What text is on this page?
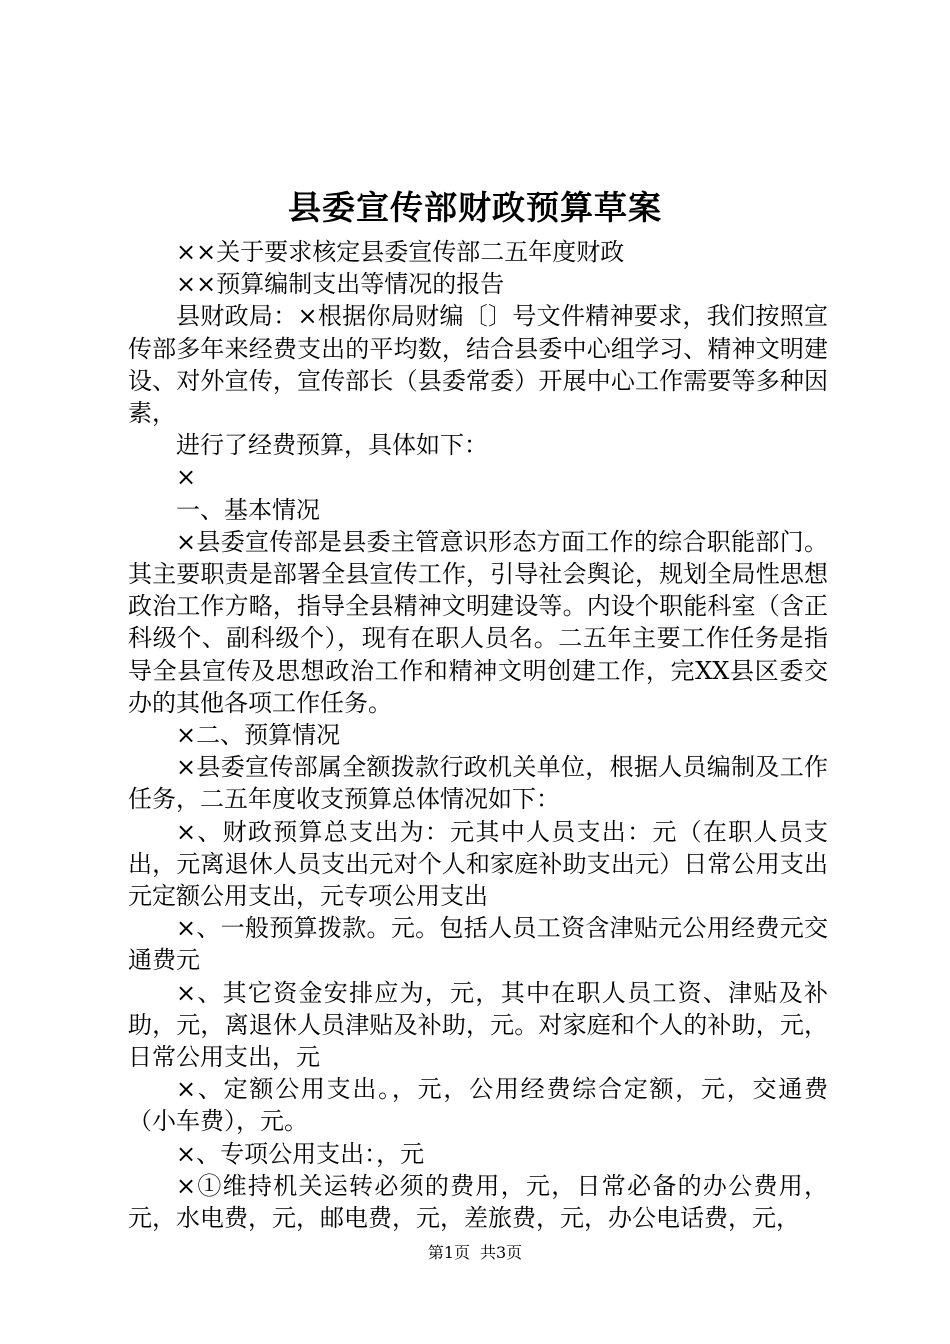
县委宣传部财政预算草案

××关于要求核定县委宣传部二五年度财政

××预算编制支出等情况的报告

县财政局：×根据你局财编〔〕号文件精神要求，我们按照宣传部多年来经费支出的平均数，结合县委中心组学习、精神文明建设、对外宣传，宣传部长（县委常委）开展中心工作需要等多种因素，

进行了经费预算，具体如下：

×

一、基本情况

×县委宣传部是县委主管意识形态方面工作的综合职能部门。其主要职责是部署全县宣传工作，引导社会舆论，规划全局性思想政治工作方略，指导全县精神文明建设等。内设个职能科室（含正科级个、副科级个），现有在职人员名。二五年主要工作任务是指导全县宣传及思想政治工作和精神文明创建工作，完XX县区委交办的其他各项工作任务。

×二、预算情况

×县委宣传部属全额拨款行政机关单位，根据人员编制及工作任务，二五年度收支预算总体情况如下：

×、财政预算总支出为：元其中人员支出：元（在职人员支出，元离退休人员支出元对个人和家庭补助支出元）日常公用支出元定额公用支出，元专项公用支出

×、一般预算拨款。元。包括人员工资含津贴元公用经费元交通费元

×、其它资金安排应为，元，其中在职人员工资、津贴及补助，元，离退休人员津贴及补助，元。对家庭和个人的补助，元，日常公用支出，元

×、定额公用支出。，元，公用经费综合定额，元，交通费（小车费），元。

×、专项公用支出：，元

×①维持机关运转必须的费用，元，日常必备的办公费用，元，水电费，元，邮电费，元，差旅费，元，办公电话费，元，

第1页 共3页
